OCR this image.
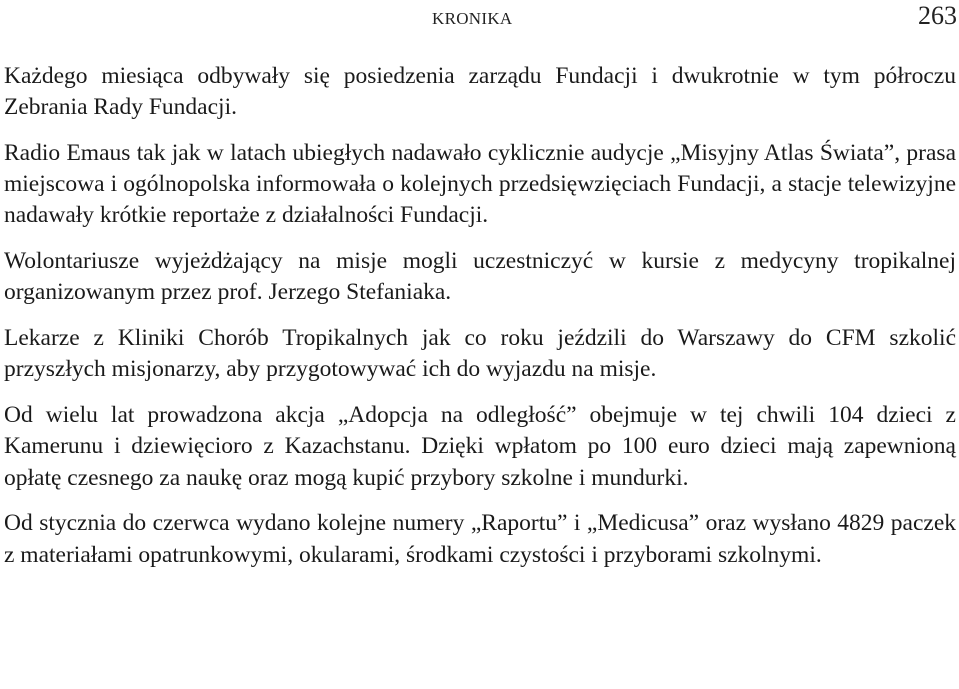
KRONIKA	263

Każdego miesiąca odbywały się posiedzenia zarządu Fundacji i dwukrotnie w tym półroczu Zebrania Rady Fundacji.

Radio Emaus tak jak w latach ubiegłych nadawało cyklicznie audycje „Misyjny Atlas Świata”, prasa miejscowa i ogólnopolska informowała o kolejnych przedsięwzięciach Fundacji, a stacje telewizyjne nadawały krótkie reportaże z działalności Fundacji.

Wolontariusze wyjeżdżający na misje mogli uczestniczyć w kursie z medycyny tropikalnej organizowanym przez prof. Jerzego Stefaniaka.

Lekarze z Kliniki Chorób Tropikalnych jak co roku jeździli do Warszawy do CFM szkolić przyszłych misjonarzy, aby przygotowywać ich do wyjazdu na misje.

Od wielu lat prowadzona akcja „Adopcja na odległość” obejmuje w tej chwili 104 dzieci z Kamerunu i dziewięcioro z Kazachstanu. Dzięki wpłatom po 100 euro dzieci mają zapewnioną opłatę czesnego za naukę oraz mogą kupić przybory szkolne i mundurki.

Od stycznia do czerwca wydano kolejne numery „Raportu” i „Medicusa” oraz wysłano 4829 paczek z materiałami opatrunkowymi, okularami, środkami czystości i przyborami szkolnymi.
